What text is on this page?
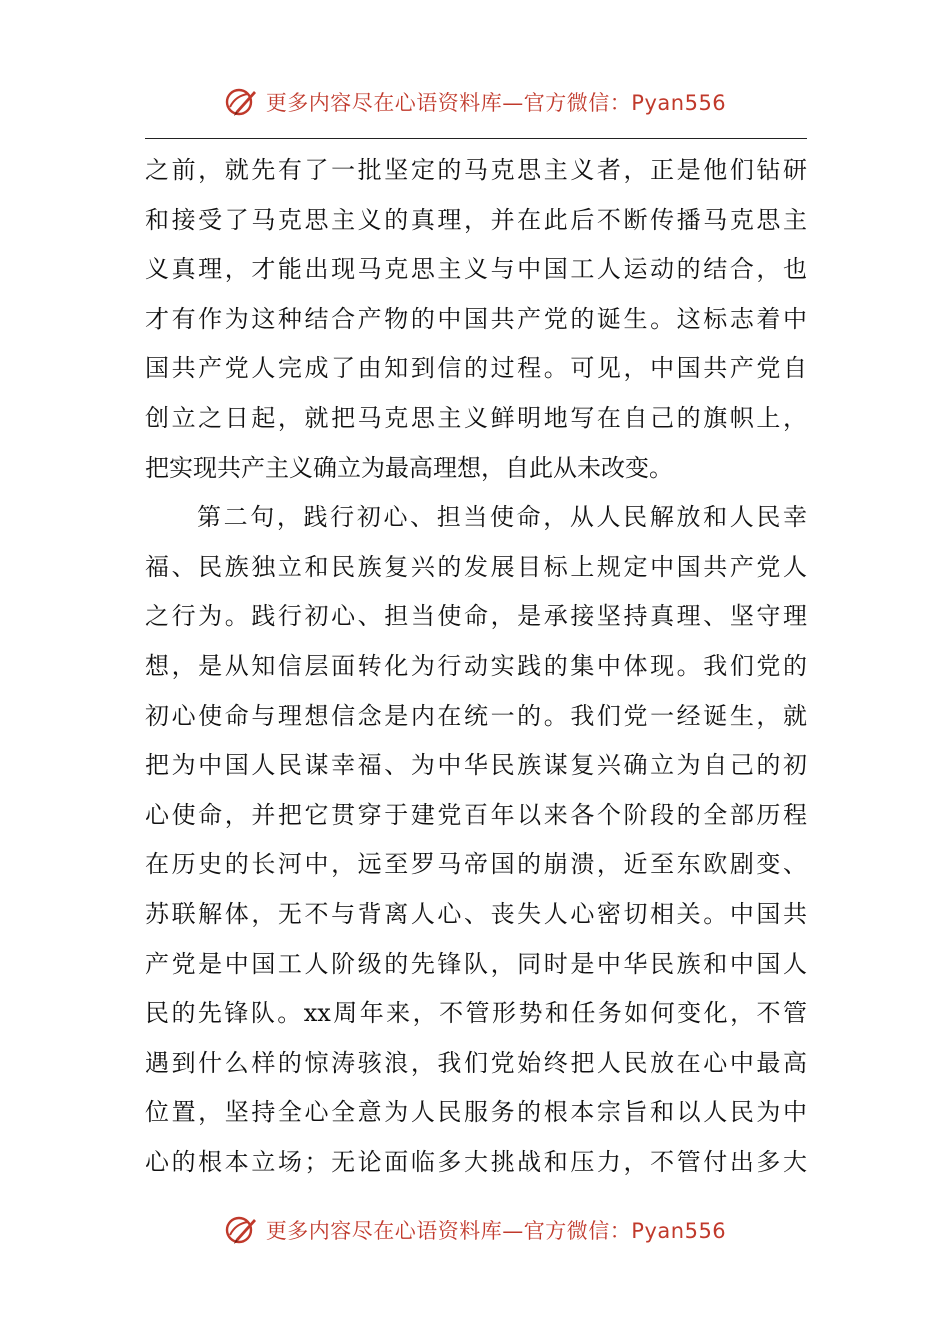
更多内容尽在心语资料库—官方微信：Pyan556
之前，就先有了一批坚定的马克思主义者，正是他们钻研
和接受了马克思主义的真理，并在此后不断传播马克思主
义真理，才能出现马克思主义与中国工人运动的结合，也
才有作为这种结合产物的中国共产党的诞生。这标志着中
国共产党人完成了由知到信的过程。可见，中国共产党自
创立之日起，就把马克思主义鲜明地写在自己的旗帜上，
把实现共产主义确立为最高理想，自此从未改变。
第二句，践行初心、担当使命，从人民解放和人民幸
福、民族独立和民族复兴的发展目标上规定中国共产党人
之行为。践行初心、担当使命，是承接坚持真理、坚守理
想，是从知信层面转化为行动实践的集中体现。我们党的
初心使命与理想信念是内在统一的。我们党一经诞生，就
把为中国人民谋幸福、为中华民族谋复兴确立为自己的初
心使命，并把它贯穿于建党百年以来各个阶段的全部历程
在历史的长河中，远至罗马帝国的崩溃，近至东欧剧变、
苏联解体，无不与背离人心、丧失人心密切相关。中国共
产党是中国工人阶级的先锋队，同时是中华民族和中国人
民的先锋队。xx周年来，不管形势和任务如何变化，不管
遇到什么样的惊涛骇浪，我们党始终把人民放在心中最高
位置，坚持全心全意为人民服务的根本宗旨和以人民为中
心的根本立场；无论面临多大挑战和压力，不管付出多大
更多内容尽在心语资料库—官方微信：Pyan556
